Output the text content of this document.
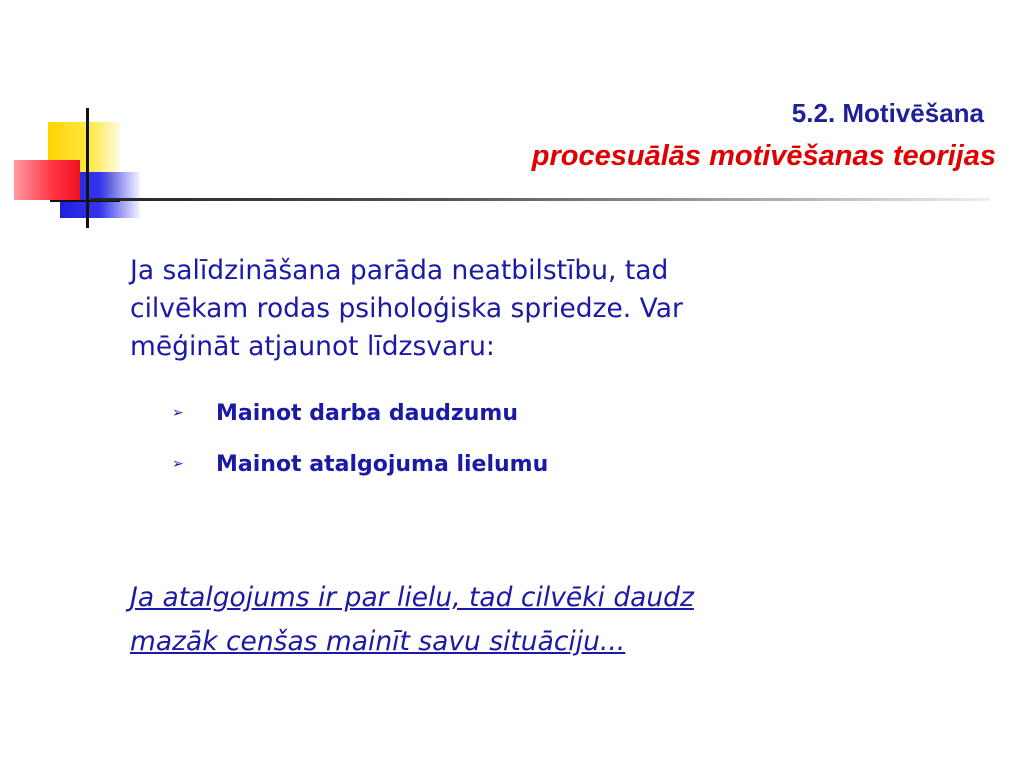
5.2. Motivēšana
procesuālās motivēšanas teorijas
Ja salīdzināšana parāda neatbilstību, tad
cilvēkam rodas psiholoģiska spriedze. Var
mēģināt atjaunot līdzsvaru:
➢	Mainot darba daudzumu
➢	Mainot atalgojuma lielumu
Ja atalgojums ir par lielu, tad cilvēki daudz
mazāk cenšas mainīt savu situāciju...
